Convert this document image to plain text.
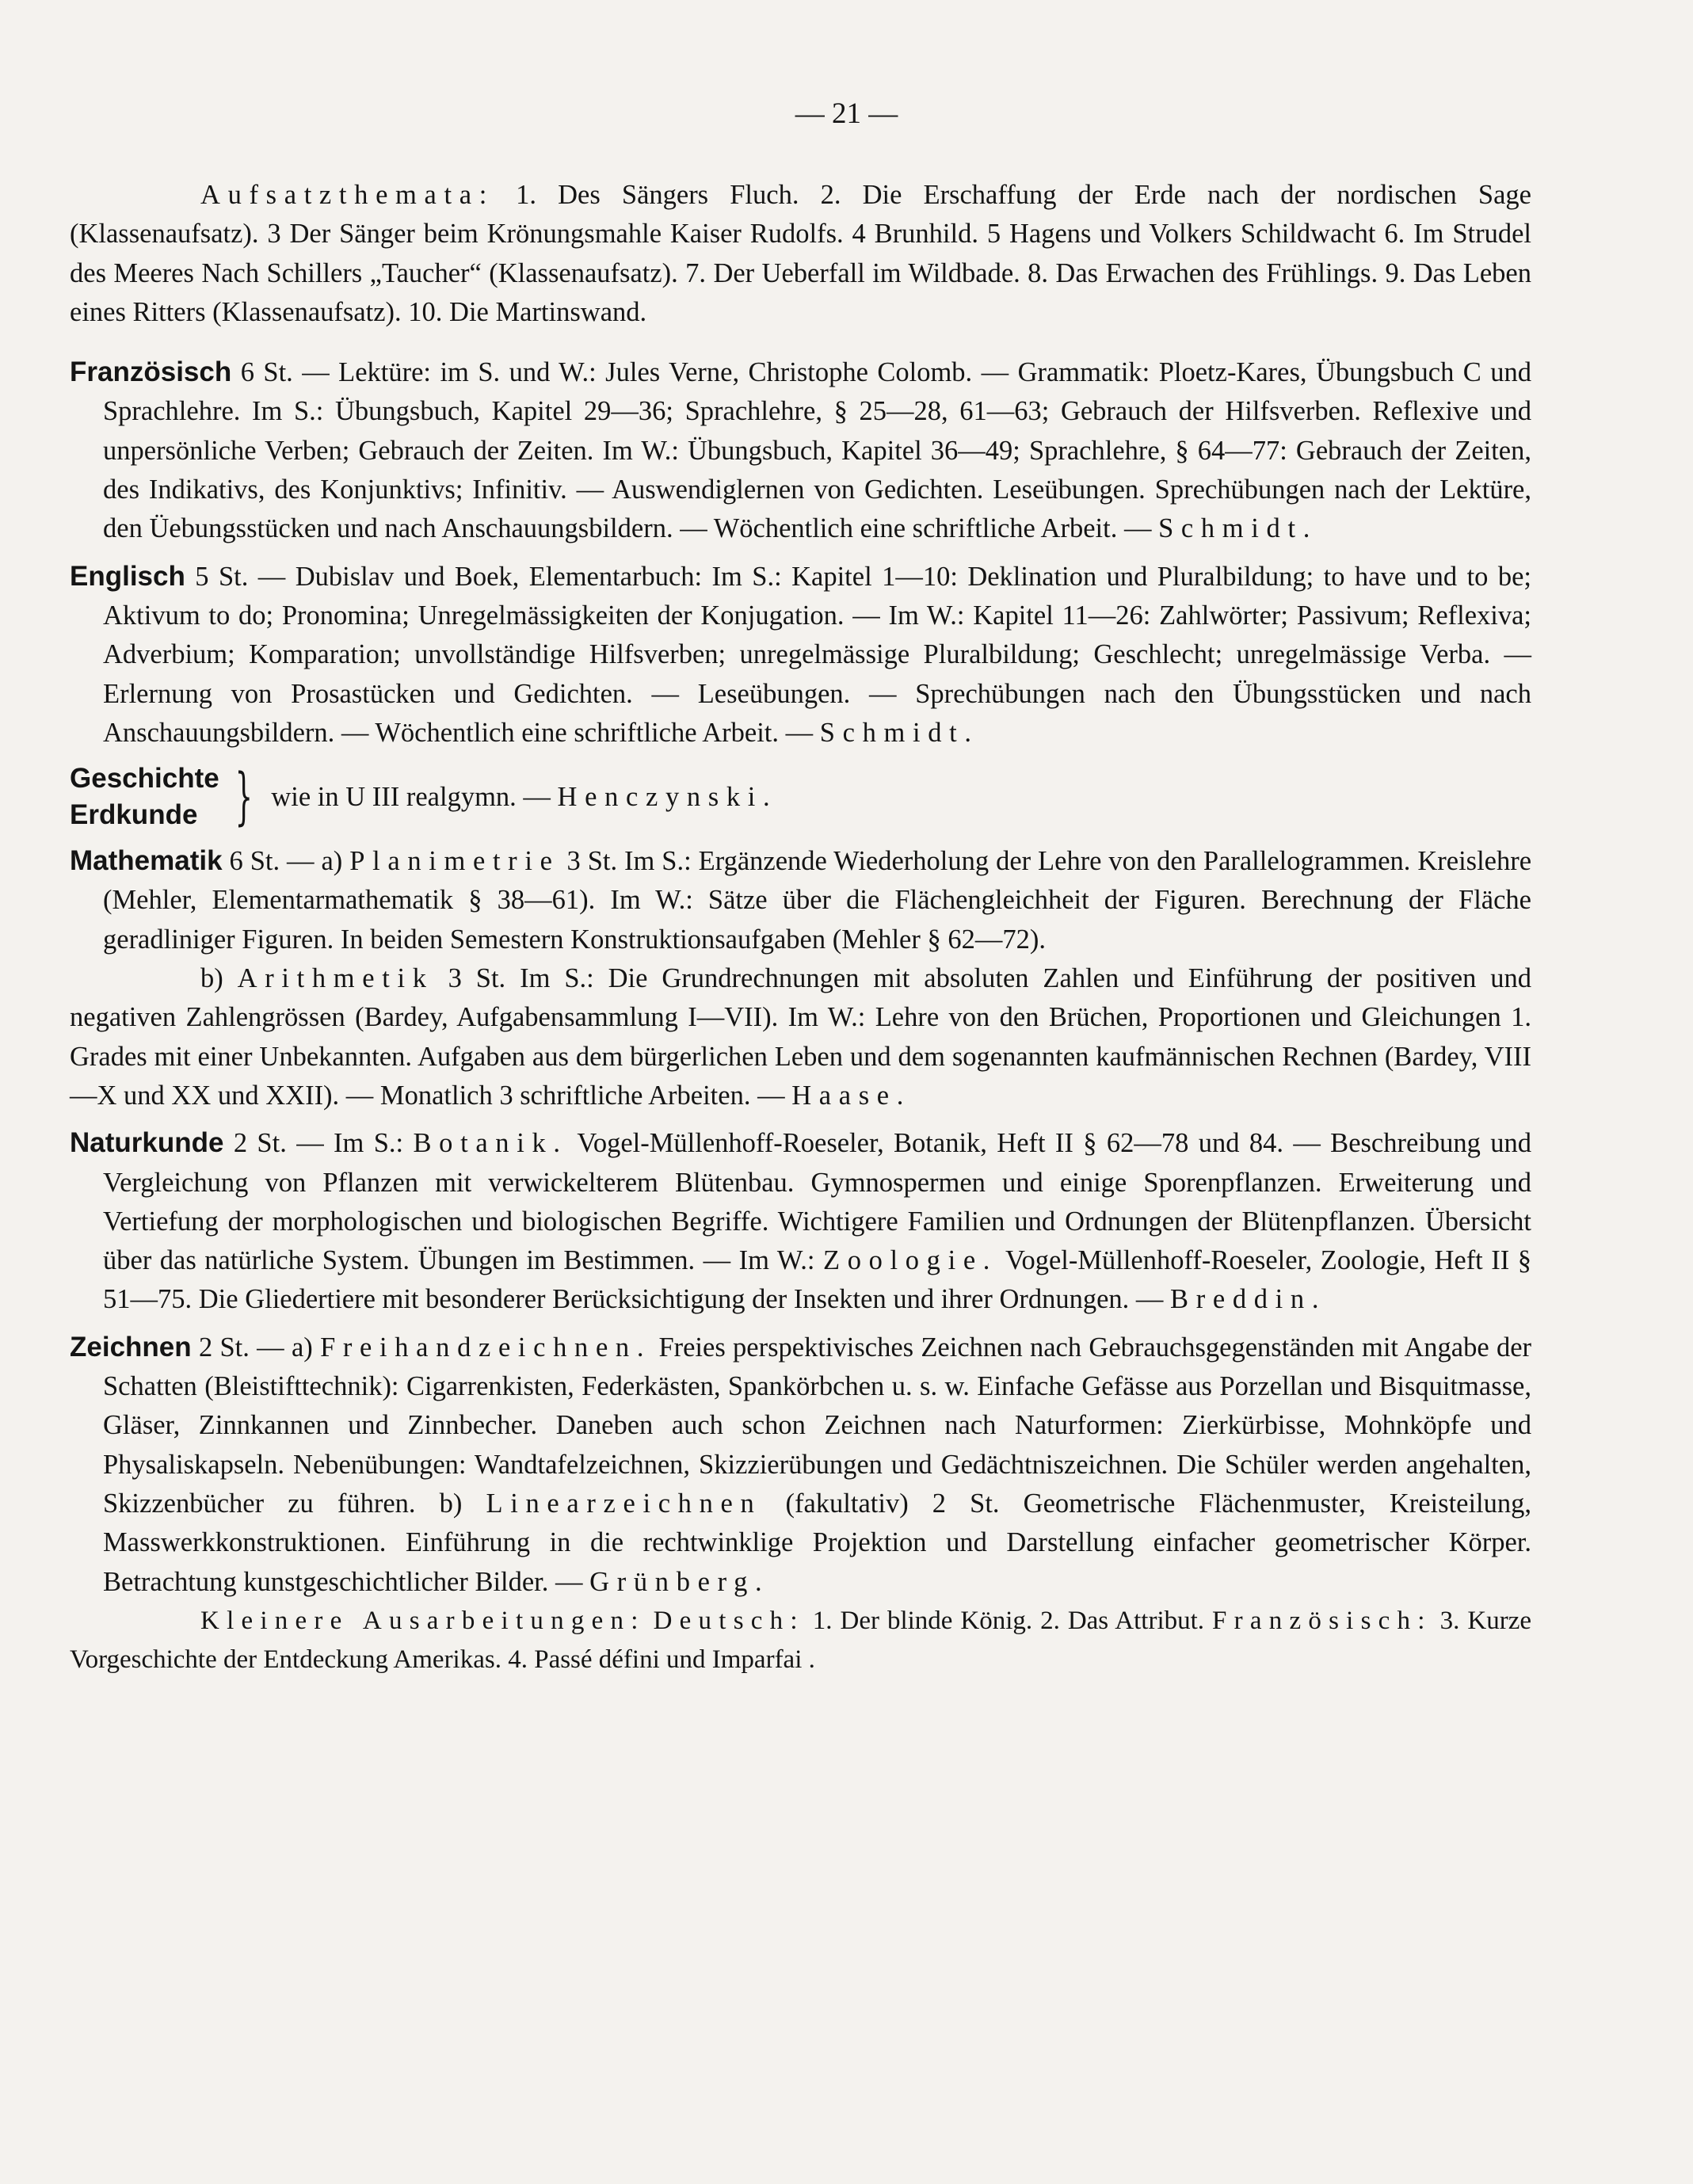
— 21 —

Aufsatzthemata: 1. Des Sängers Fluch. 2. Die Erschaffung der Erde nach der nordischen Sage (Klassenaufsatz). 3 Der Sänger beim Krönungsmahle Kaiser Rudolfs. 4 Brunhild. 5 Hagens und Volkers Schildwacht 6. Im Strudel des Meeres Nach Schillers „Taucher“ (Klassenaufsatz). 7. Der Ueberfall im Wildbade. 8. Das Erwachen des Frühlings. 9. Das Leben eines Ritters (Klassenaufsatz). 10. Die Martinswand.

Französisch 6 St. — Lektüre: im S. und W.: Jules Verne, Christophe Colomb. — Grammatik: Ploetz-Kares, Übungsbuch C und Sprachlehre. Im S.: Übungsbuch, Kapitel 29—36; Sprachlehre, § 25—28, 61—63; Gebrauch der Hilfsverben. Reflexive und unpersönliche Verben; Gebrauch der Zeiten. Im W.: Übungsbuch, Kapitel 36—49; Sprachlehre, § 64—77: Gebrauch der Zeiten, des Indikativs, des Konjunktivs; Infinitiv. — Auswendiglernen von Gedichten. Leseübungen. Sprechübungen nach der Lektüre, den Üebungsstücken und nach Anschauungsbildern. — Wöchentlich eine schriftliche Arbeit. — Schmidt.

Englisch 5 St. — Dubislav und Boek, Elementarbuch: Im S.: Kapitel 1—10: Deklination und Pluralbildung; to have und to be; Aktivum to do; Pronomina; Unregelmässigkeiten der Konjugation. — Im W.: Kapitel 11—26: Zahlwörter; Passivum; Reflexiva; Adverbium; Komparation; unvollständige Hilfsverben; unregelmässige Pluralbildung; Geschlecht; unregelmässige Verba. — Erlernung von Prosastücken und Gedichten. — Leseübungen. — Sprechübungen nach den Übungsstücken und nach Anschauungsbildern. — Wöchentlich eine schriftliche Arbeit. — Schmidt.

Geschichte
Erdkunde } wie in U III realgymn. — Henczynski.

Mathematik 6 St. — a) Planimetrie 3 St. Im S.: Ergänzende Wiederholung der Lehre von den Parallelogrammen. Kreislehre (Mehler, Elementarmathematik § 38—61). Im W.: Sätze über die Flächengleichheit der Figuren. Berechnung der Fläche geradliniger Figuren. In beiden Semestern Konstruktionsaufgaben (Mehler § 62—72).

b) Arithmetik 3 St. Im S.: Die Grundrechnungen mit absoluten Zahlen und Einführung der positiven und negativen Zahlengrössen (Bardey, Aufgabensammlung I—VII). Im W.: Lehre von den Brüchen, Proportionen und Gleichungen 1. Grades mit einer Unbekannten. Aufgaben aus dem bürgerlichen Leben und dem sogenannten kaufmännischen Rechnen (Bardey, VIII—X und XX und XXII). — Monatlich 3 schriftliche Arbeiten. — Haase.

Naturkunde 2 St. — Im S.: Botanik. Vogel-Müllenhoff-Roeseler, Botanik, Heft II § 62—78 und 84. — Beschreibung und Vergleichung von Pflanzen mit verwickelterem Blütenbau. Gymnospermen und einige Sporenpflanzen. Erweiterung und Vertiefung der morphologischen und biologischen Begriffe. Wichtigere Familien und Ordnungen der Blütenpflanzen. Übersicht über das natürliche System. Übungen im Bestimmen. — Im W.: Zoologie. Vogel-Müllenhoff-Roeseler, Zoologie, Heft II § 51—75. Die Gliedertiere mit besonderer Berücksichtigung der Insekten und ihrer Ordnungen. — Breddin.

Zeichnen 2 St. — a) Freihandzeichnen. Freies perspektivisches Zeichnen nach Gebrauchsgegenständen mit Angabe der Schatten (Bleistifttechnik): Cigarrenkisten, Federkästen, Spankörbchen u. s. w. Einfache Gefässe aus Porzellan und Bisquitmasse, Gläser, Zinnkannen und Zinnbecher. Daneben auch schon Zeichnen nach Naturformen: Zierkürbisse, Mohnköpfe und Physaliskapseln. Nebenübungen: Wandtafelzeichnen, Skizzierübungen und Gedächtniszeichnen. Die Schüler werden angehalten, Skizzenbücher zu führen. b) Linearzeichnen (fakultativ) 2 St. Geometrische Flächenmuster, Kreisteilung, Masswerkkonstruktionen. Einführung in die rechtwinklige Projektion und Darstellung einfacher geometrischer Körper. Betrachtung kunstgeschichtlicher Bilder. — Grünberg.

Kleinere Ausarbeitungen: Deutsch: 1. Der blinde König. 2. Das Attribut. Französisch: 3. Kurze Vorgeschichte der Entdeckung Amerikas. 4. Passé défini und Imparfai .
